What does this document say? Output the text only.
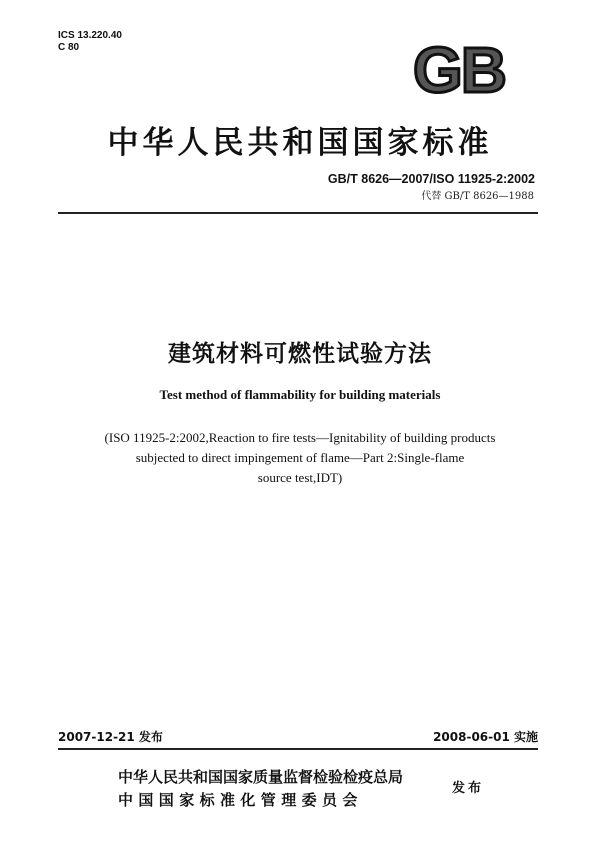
ICS 13.220.40
C 80	GB
中华人民共和国国家标准
GB/T 8626—2007/ISO 11925-2:2002
代替 GB/T 8626—1988
建筑材料可燃性试验方法
Test method of flammability for building materials
(ISO 11925-2:2002,Reaction to fire tests—Ignitability of building products
subjected to direct impingement of flame—Part 2:Single-flame
source test,IDT)
2007-12-21 发布	2008-06-01 实施
中华人民共和国国家质量监督检验检疫总局
中国国家标准化管理委员会
发布
